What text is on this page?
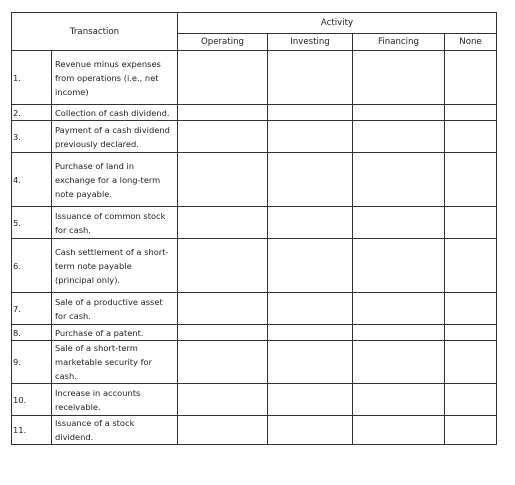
Transaction		Activity			
		Operating	Investing	Financing	None
1.	Revenue minus expenses from operations (i.e., net income)				
2.	Collection of cash dividend.				
3.	Payment of a cash dividend previously declared.				
4.	Purchase of land in exchange for a long-term note payable.				
5.	Issuance of common stock for cash.				
6.	Cash settlement of a short-term note payable (principal only).				
7.	Sale of a productive asset for cash.				
8.	Purchase of a patent.				
9.	Sale of a short-term marketable security for cash.				
10.	Increase in accounts receivable.				
11.	Issuance of a stock dividend.				
